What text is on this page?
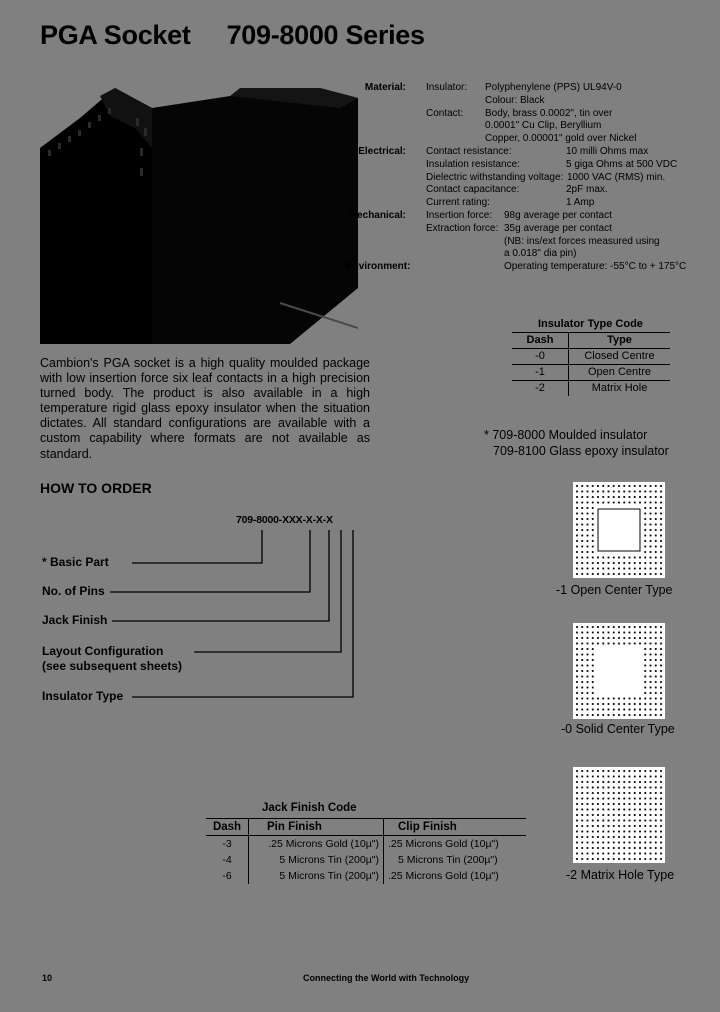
PGA Socket 709-8000 Series
Material: Insulator: Polyphenylene (PPS) UL94V-0
Colour: Black
Contact: Body, brass 0.0002", tin over
0.0001" Cu Clip, Beryllium
Copper, 0.00001" gold over Nickel
Electrical: Contact resistance:	10 milli Ohms max
Insulation resistance:	5 giga Ohms at 500 VDC
Dielectric withstanding voltage: 1000 VAC (RMS) min.
Contact capacitance:	2pF max.
Current rating:	1 Amp
Mechanical: Insertion force: 98g average per contact
Extraction force: 35g average per contact
(NB: ins/ext forces measured using
a 0.018" dia pin)
Environment:	Operating temperature: -55°C to + 175°C
Cambion's PGA socket is a high quality moulded package with low insertion force six leaf contacts in a high precision turned body. The product is also available in a high temperature rigid glass epoxy insulator when the situation dictates. All standard configurations are available with a custom capability where formats are not available as standard.
Insulator Type Code
Dash	Type
-0	Closed Centre
-1	Open Centre
-2	Matrix Hole
* 709-8000 Moulded insulator
709-8100 Glass epoxy insulator
HOW TO ORDER
709-8000-XXX-X-X-X
* Basic Part
No. of Pins
Jack Finish
Layout Configuration
(see subsequent sheets)
Insulator Type
-1 Open Center Type
-0 Solid Center Type
-2 Matrix Hole Type
Jack Finish Code
Dash	Pin Finish	Clip Finish
-3	.25 Microns Gold (10µ")	.25 Microns Gold (10µ")
-4	5 Microns Tin (200µ")	5 Microns Tin (200µ")
-6	5 Microns Tin (200µ")	.25 Microns Gold (10µ")
10	Connecting the World with Technology
